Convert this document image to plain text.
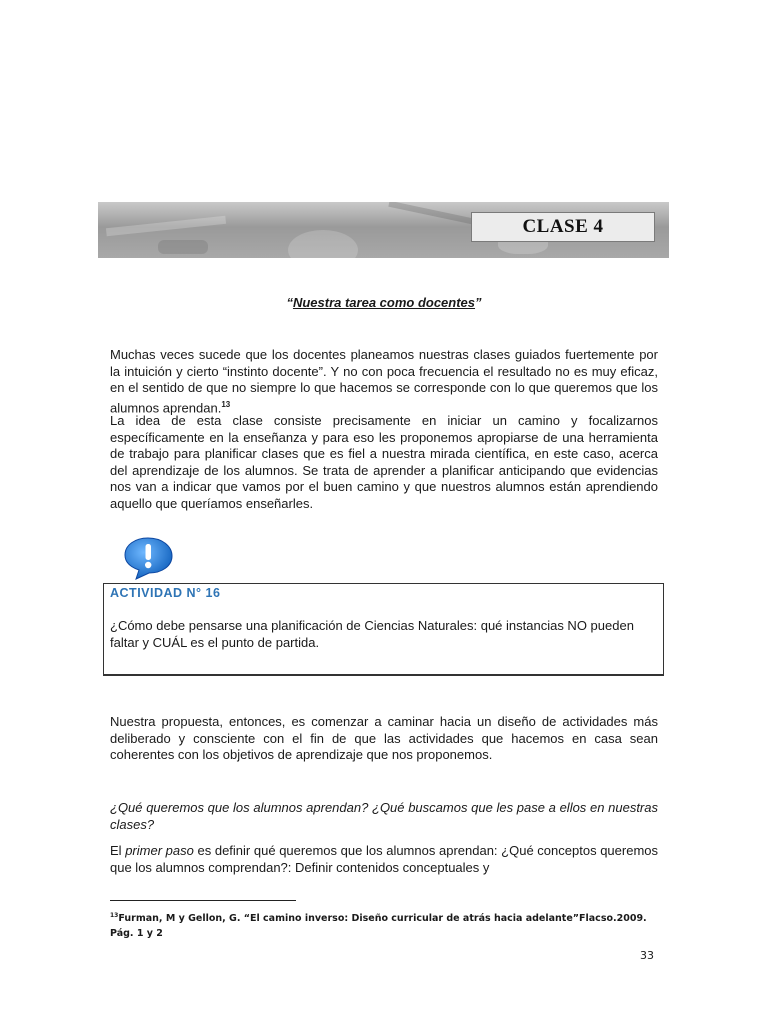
CLASE 4
“Nuestra tarea como docentes”

Muchas veces sucede que los docentes planeamos nuestras clases guiados fuertemente por la intuición y cierto “instinto docente”. Y no con poca frecuencia el resultado no es muy eficaz, en el sentido de que no siempre lo que hacemos se corresponde con lo que queremos que los alumnos aprendan.$^{13}$

La idea de esta clase consiste precisamente en iniciar un camino y focalizarnos específicamente en la enseñanza y para eso les proponemos apropiarse de una herramienta de trabajo para planificar clases que es fiel a nuestra mirada científica, en este caso, acerca del aprendizaje de los alumnos. Se trata de aprender a planificar anticipando que evidencias nos van a indicar que vamos por el buen camino y que nuestros alumnos están aprendiendo aquello que queríamos enseñarles.

ACTIVIDAD N° 16
¿Cómo debe pensarse una planificación de Ciencias Naturales: qué instancias NO pueden faltar y CUÁL es el punto de partida.

Nuestra propuesta, entonces, es comenzar a caminar hacia un diseño de actividades más deliberado y consciente con el fin de que las actividades que hacemos en casa sean coherentes con los objetivos de aprendizaje que nos proponemos.

¿Qué queremos que los alumnos aprendan? ¿Qué buscamos que les pase a ellos en nuestras clases?

El primer paso es definir qué queremos que los alumnos aprendan: ¿Qué conceptos queremos que los alumnos comprendan?: Definir contenidos conceptuales y

$^{13}$Furman, M y Gellon, G. “El camino inverso: Diseño curricular de atrás hacia adelante”Flacso.2009. Pág. 1 y 2
33
